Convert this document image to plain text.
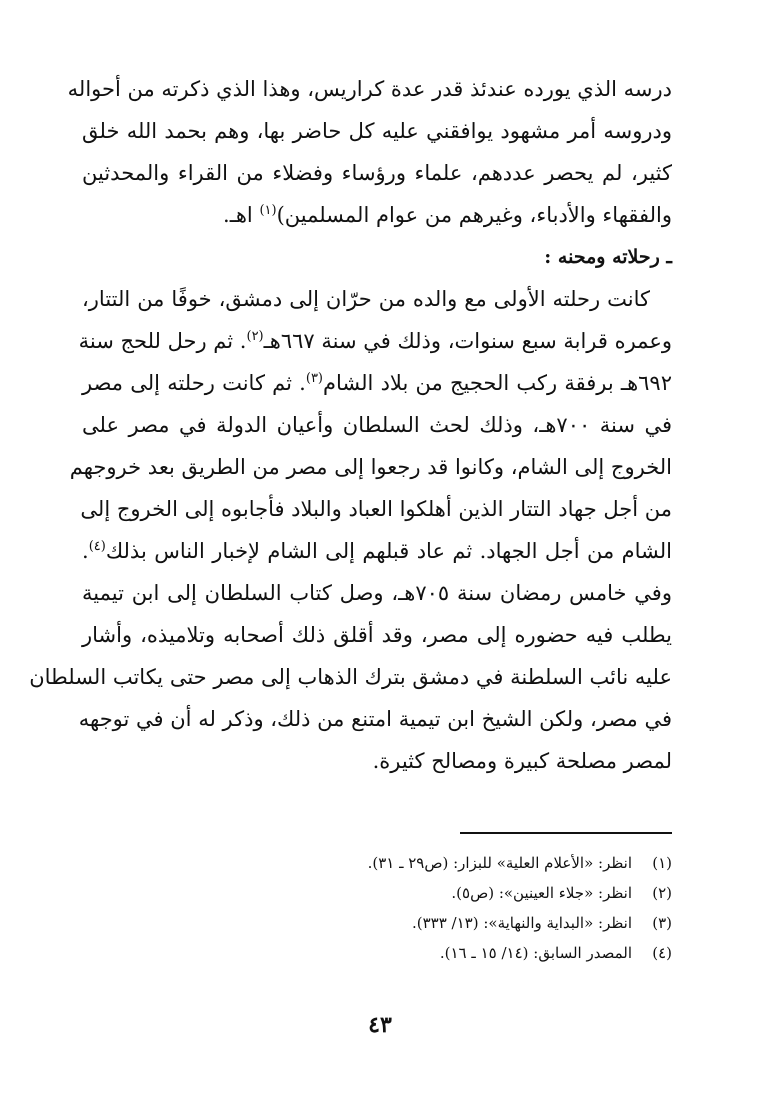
درسه الذي يورده عندئذ قدر عدة كراريس، وهذا الذي ذكرته من أحواله
ودروسه أمر مشهود يوافقني عليه كل حاضر بها، وهم بحمد الله خلق
كثير، لم يحصر عددهم، علماء ورؤساء وفضلاء من القراء والمحدثين
والفقهاء والأدباء، وغيرهم من عوام المسلمين)$^{(١)}$ اهـ.
ـ رحلاته ومحنه :
كانت رحلته الأولى مع والده من حرّان إلى دمشق، خوفًا من التتار،
وعمره قرابة سبع سنوات، وذلك في سنة ٦٦٧هـ$^{(٢)}$. ثم رحل للحج سنة
٦٩٢هـ برفقة ركب الحجيج من بلاد الشام$^{(٣)}$. ثم كانت رحلته إلى مصر
في سنة ٧٠٠هـ، وذلك لحث السلطان وأعيان الدولة في مصر على
الخروج إلى الشام، وكانوا قد رجعوا إلى مصر من الطريق بعد خروجهم
من أجل جهاد التتار الذين أهلكوا العباد والبلاد فأجابوه إلى الخروج إلى
الشام من أجل الجهاد. ثم عاد قبلهم إلى الشام لإخبار الناس بذلك$^{(٤)}$.
وفي خامس رمضان سنة ٧٠٥هـ، وصل كتاب السلطان إلى ابن تيمية
يطلب فيه حضوره إلى مصر، وقد أقلق ذلك أصحابه وتلاميذه، وأشار
عليه نائب السلطنة في دمشق بترك الذهاب إلى مصر حتى يكاتب السلطان
في مصر، ولكن الشيخ ابن تيمية امتنع من ذلك، وذكر له أن في توجهه
لمصر مصلحة كبيرة ومصالح كثيرة.
(١)
انظر: «الأعلام العلية» للبزار: (ص٢٩ ـ ٣١).
(٢)
انظر: «جلاء العينين»: (ص٥).
(٣)
انظر: «البداية والنهاية»: (١٣/ ٣٣٣).
(٤)
المصدر السابق: (١٤/ ١٥ ـ ١٦).
٤٣
